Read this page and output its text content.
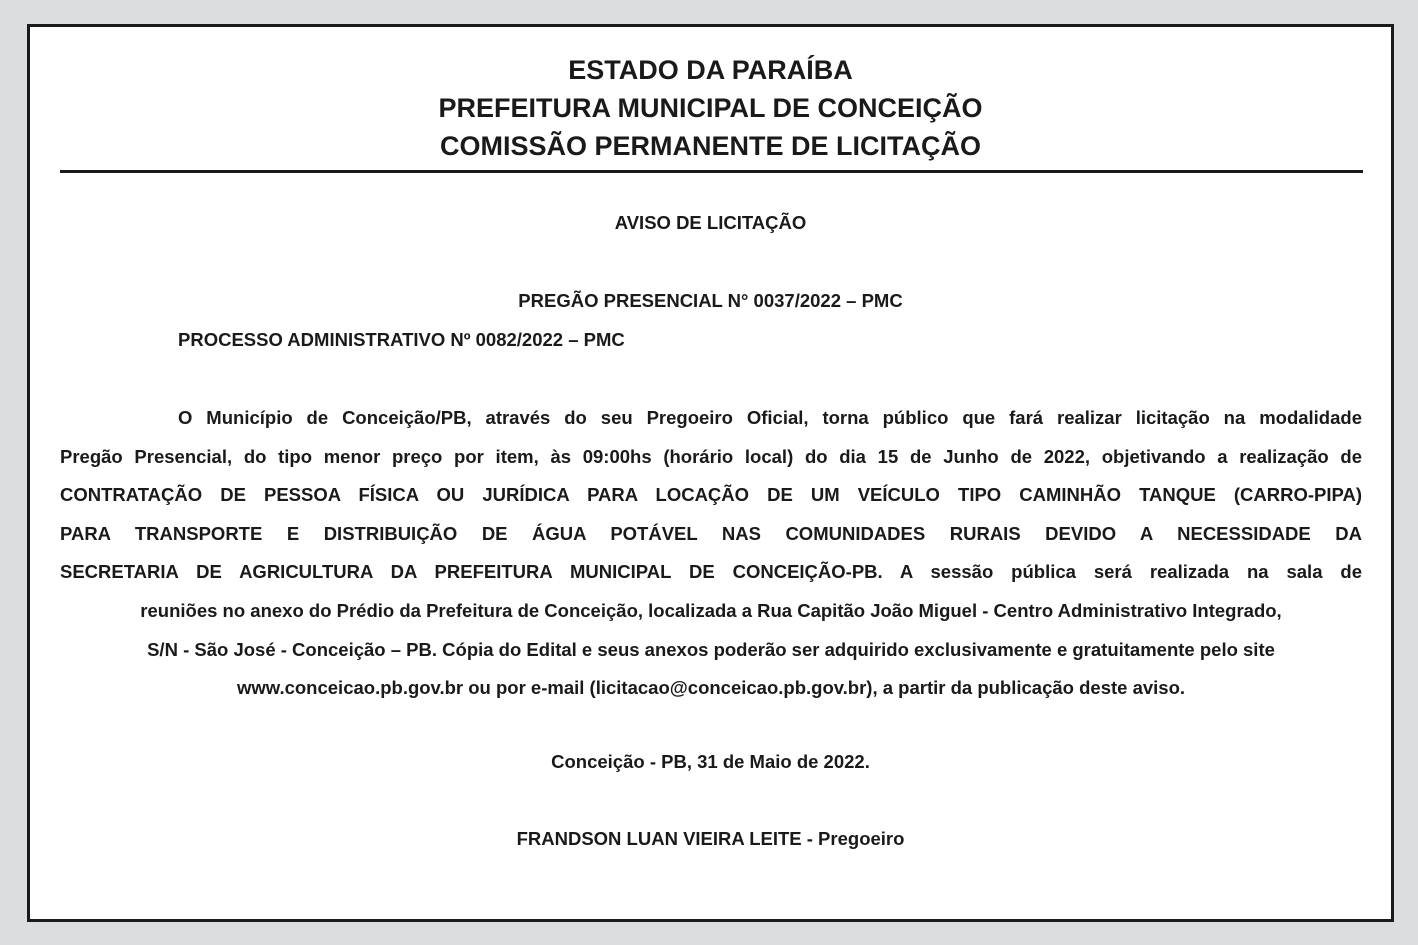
ESTADO DA PARAÍBA
PREFEITURA MUNICIPAL DE CONCEIÇÃO
COMISSÃO PERMANENTE DE LICITAÇÃO
AVISO DE LICITAÇÃO
PREGÃO PRESENCIAL N° 0037/2022 – PMC
PROCESSO ADMINISTRATIVO Nº 0082/2022 – PMC
O Município de Conceição/PB, através do seu Pregoeiro Oficial, torna público que fará realizar licitação na modalidade
Pregão Presencial, do tipo menor preço por item, às 09:00hs (horário local) do dia 15 de Junho de 2022, objetivando a realização de
CONTRATAÇÃO DE PESSOA FÍSICA OU JURÍDICA PARA LOCAÇÃO DE UM VEÍCULO TIPO CAMINHÃO TANQUE (CARRO-PIPA)
PARA TRANSPORTE E DISTRIBUIÇÃO DE ÁGUA POTÁVEL NAS COMUNIDADES RURAIS DEVIDO A NECESSIDADE DA
SECRETARIA DE AGRICULTURA DA PREFEITURA MUNICIPAL DE CONCEIÇÃO-PB. A sessão pública será realizada na sala de
reuniões no anexo do Prédio da Prefeitura de Conceição, localizada a Rua Capitão João Miguel - Centro Administrativo Integrado,
S/N - São José - Conceição – PB. Cópia do Edital e seus anexos poderão ser adquirido exclusivamente e gratuitamente pelo site
www.conceicao.pb.gov.br ou por e-mail (licitacao@conceicao.pb.gov.br), a partir da publicação deste aviso.
Conceição - PB, 31 de Maio de 2022.
FRANDSON LUAN VIEIRA LEITE - Pregoeiro
